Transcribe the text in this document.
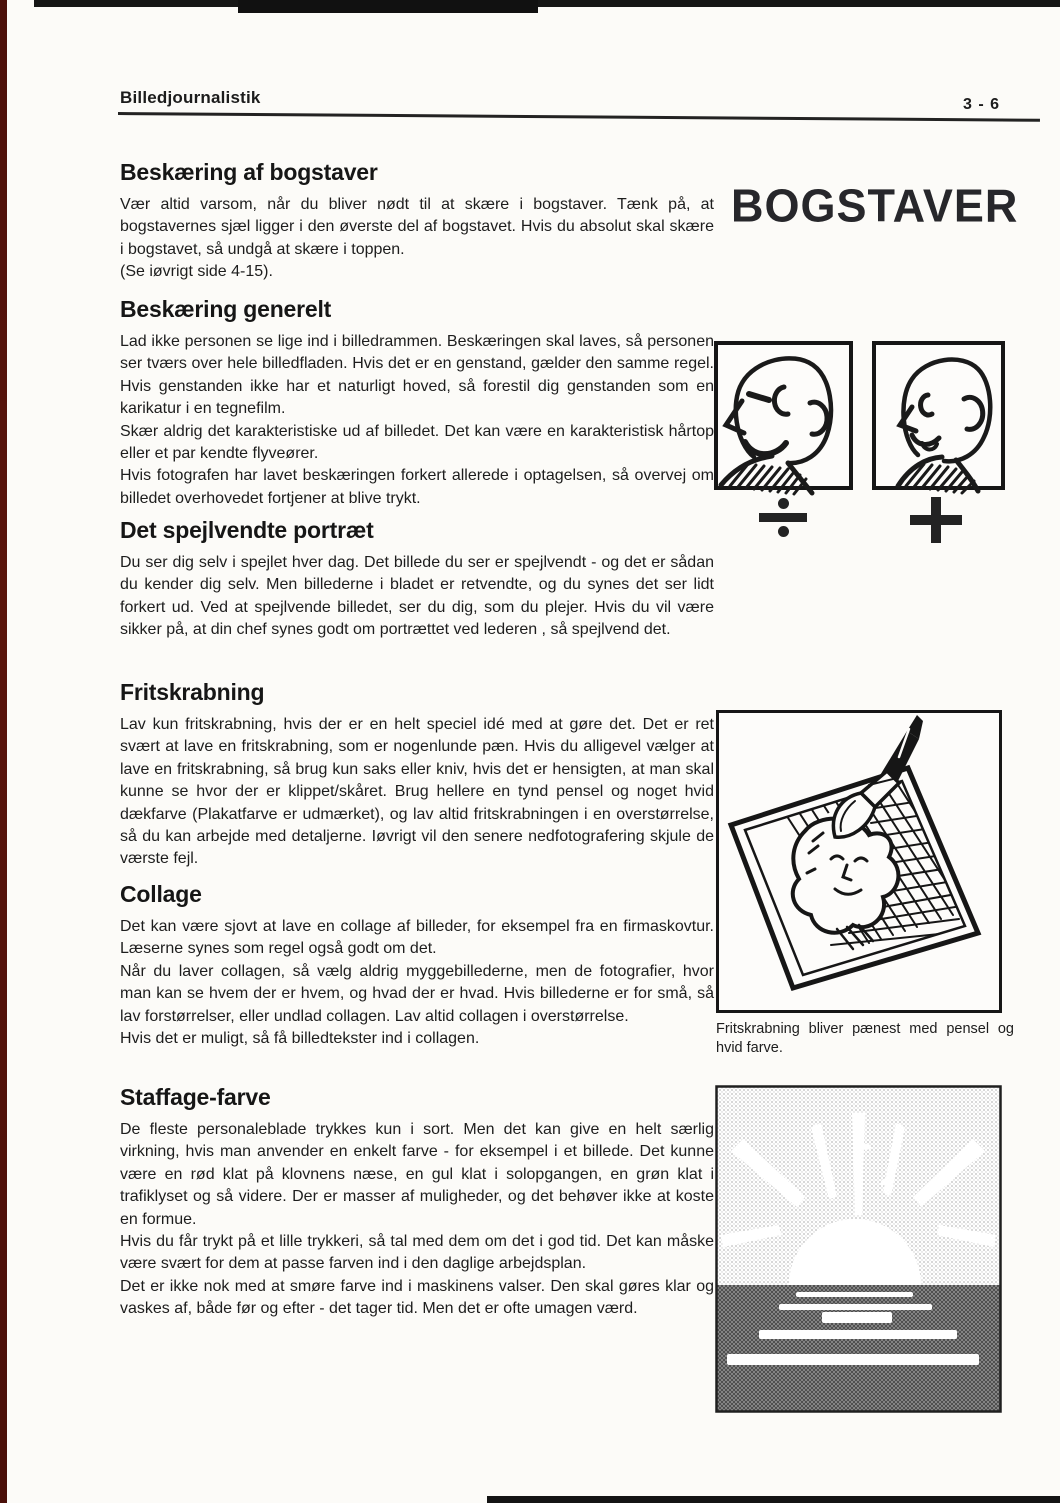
Billedjournalistik	3 - 6
Beskæring af bogstaver

Vær altid varsom, når du bliver nødt til at skære i bogstaver. Tænk på, at bogstavernes sjæl ligger i den øverste del af bogstavet. Hvis du absolut skal skære i bogstavet, så undgå at skære i toppen.

(Se iøvrigt side 4-15).

Beskæring generelt

Lad ikke personen se lige ind i billedrammen. Beskæringen skal laves, så personen ser tværs over hele billedfladen. Hvis det er en genstand, gælder den samme regel. Hvis genstanden ikke har et naturligt hoved, så forestil dig genstanden som en karikatur i en tegnefilm.

Skær aldrig det karakteristiske ud af billedet. Det kan være en karakteristisk hårtop eller et par kendte flyveører.

Hvis fotografen har lavet beskæringen forkert allerede i optagelsen, så overvej om billedet overhovedet fortjener at blive trykt.

Det spejlvendte portræt

Du ser dig selv i spejlet hver dag. Det billede du ser er spejlvendt - og det er sådan du kender dig selv. Men billederne i bladet er retvendte, og du synes det ser lidt forkert ud. Ved at spejlvende billedet, ser du dig, som du plejer. Hvis du vil være sikker på, at din chef synes godt om portrættet ved lederen , så spejlvend det.

Fritskrabning

Lav kun fritskrabning, hvis der er en helt speciel idé med at gøre det. Det er ret svært at lave en fritskrabning, som er nogenlunde pæn. Hvis du alligevel vælger at lave en fritskrabning, så brug kun saks eller kniv, hvis det er hensigten, at man skal kunne se hvor der er klippet/skåret. Brug hellere en tynd pensel og noget hvid dækfarve (Plakatfarve er udmærket), og lav altid fritskrabningen i en overstørrelse, så du kan arbejde med detaljerne. Iøvrigt vil den senere nedfotografering skjule de værste fejl.

Collage

Det kan være sjovt at lave en collage af billeder, for eksempel fra en firmaskovtur. Læserne synes som regel også godt om det.

Når du laver collagen, så vælg aldrig myggebillederne, men de fotografier, hvor man kan se hvem der er hvem, og hvad der er hvad. Hvis billederne er for små, så lav forstørrelser, eller undlad collagen. Lav altid collagen i overstørrelse.

Hvis det er muligt, så få billedtekster ind i collagen.

Staffage-farve

De fleste personaleblade trykkes kun i sort. Men det kan give en helt særlig virkning, hvis man anvender en enkelt farve - for eksempel i et billede. Det kunne være en rød klat på klovnens næse, en gul klat i solopgangen, en grøn klat i trafiklyset og så videre. Der er masser af muligheder, og det behøver ikke at koste en formue.

Hvis du får trykt på et lille trykkeri, så tal med dem om det i god tid. Det kan måske være svært for dem at passe farven ind i den daglige arbejdsplan.

Det er ikke nok med at smøre farve ind i maskinens valser. Den skal gøres klar og vaskes af, både før og efter - det tager tid. Men det er ofte umagen værd.

BOGSTAVER
Fritskrabning bliver pænest med pensel og hvid farve.
